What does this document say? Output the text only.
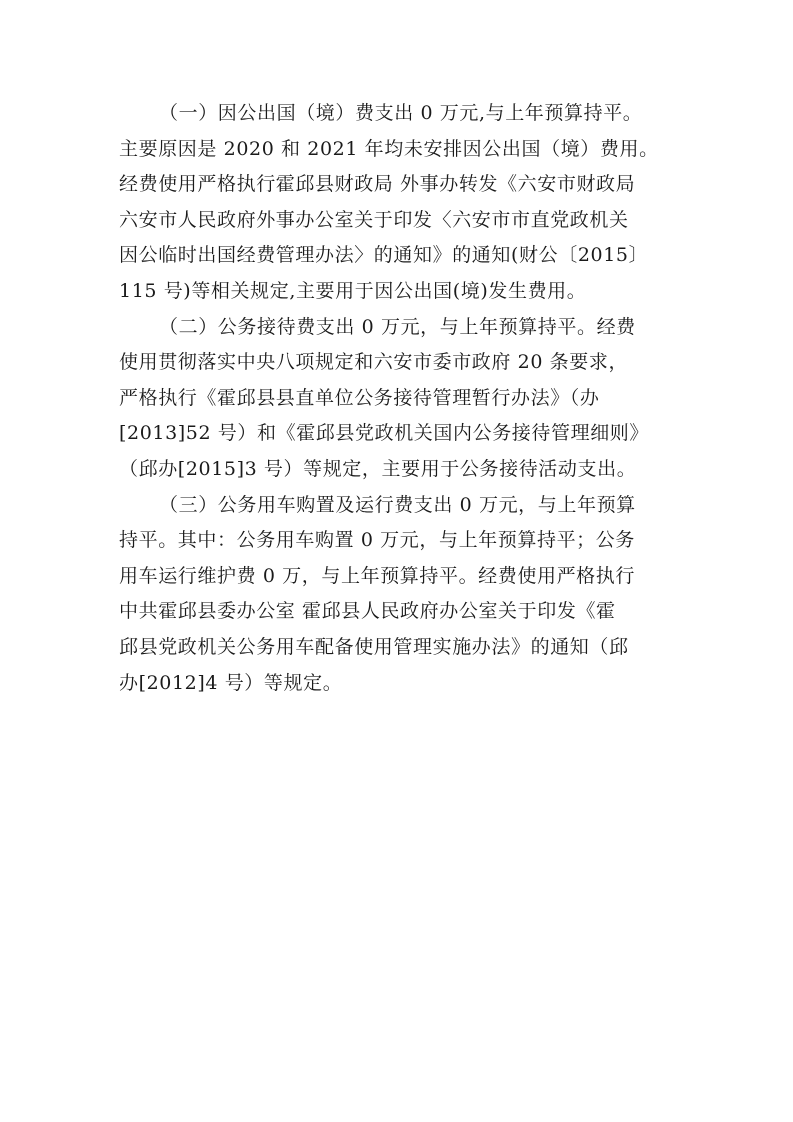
（一）因公出国（境）费支出 0 万元,与上年预算持平。
主要原因是 2020 和 2021 年均未安排因公出国（境）费用。
经费使用严格执行霍邱县财政局 外事办转发《六安市财政局
六安市人民政府外事办公室关于印发〈六安市市直党政机关
因公临时出国经费管理办法〉的通知》的通知(财公〔2015〕
115 号)等相关规定,主要用于因公出国(境)发生费用。
（二）公务接待费支出 0 万元，与上年预算持平。经费
使用贯彻落实中央八项规定和六安市委市政府 20 条要求，
严格执行《霍邱县县直单位公务接待管理暂行办法》（办
[2013]52 号）和《霍邱县党政机关国内公务接待管理细则》
（邱办[2015]3 号）等规定，主要用于公务接待活动支出。
（三）公务用车购置及运行费支出 0 万元，与上年预算
持平。其中：公务用车购置 0 万元，与上年预算持平；公务
用车运行维护费 0 万，与上年预算持平。经费使用严格执行
中共霍邱县委办公室 霍邱县人民政府办公室关于印发《霍
邱县党政机关公务用车配备使用管理实施办法》的通知（邱
办[2012]4 号）等规定。
